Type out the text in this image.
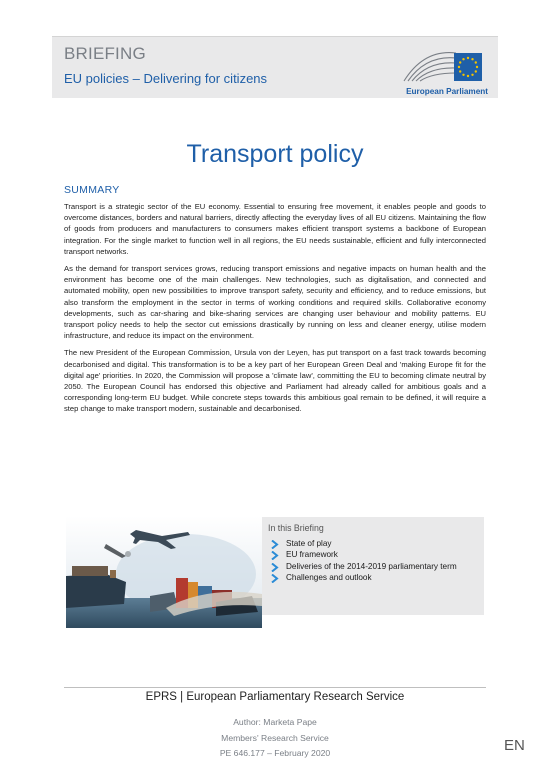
BRIEFING
EU policies – Delivering for citizens
European Parliament
Transport policy
SUMMARY

Transport is a strategic sector of the EU economy. Essential to ensuring free movement, it enables people and goods to overcome distances, borders and natural barriers, directly affecting the everyday lives of all EU citizens. Maintaining the flow of goods from producers and manufacturers to consumers makes efficient transport systems a backbone of European integration. For the single market to function well in all regions, the EU needs sustainable, efficient and fully interconnected transport networks.

As the demand for transport services grows, reducing transport emissions and negative impacts on human health and the environment has become one of the main challenges. New technologies, such as digitalisation, and connected and automated mobility, open new possibilities to improve transport safety, security and efficiency, and to reduce emissions, but also transform the employment in the sector in terms of working conditions and required skills. Collaborative economy developments, such as car-sharing and bike-sharing services are changing user behaviour and mobility patterns. EU transport policy needs to help the sector cut emissions drastically by running on less and cleaner energy, utilise modern infrastructure, and reduce its impact on the environment.

The new President of the European Commission, Ursula von der Leyen, has put transport on a fast track towards becoming decarbonised and digital. This transformation is to be a key part of her European Green Deal and 'making Europe fit for the digital age' priorities. In 2020, the Commission will propose a 'climate law', committing the EU to becoming climate neutral by 2050. The European Council has endorsed this objective and Parliament had already called for ambitious goals and a corresponding long-term EU budget. While concrete steps towards this ambitious goal remain to be defined, it will require a step change to make transport modern, sustainable and decarbonised.

In this Briefing
State of play
EU framework
Deliveries of the 2014-2019 parliamentary term
Challenges and outlook
EPRS | European Parliamentary Research Service
Author: Marketa Pape
Members' Research Service
PE 646.177 – February 2020	EN
